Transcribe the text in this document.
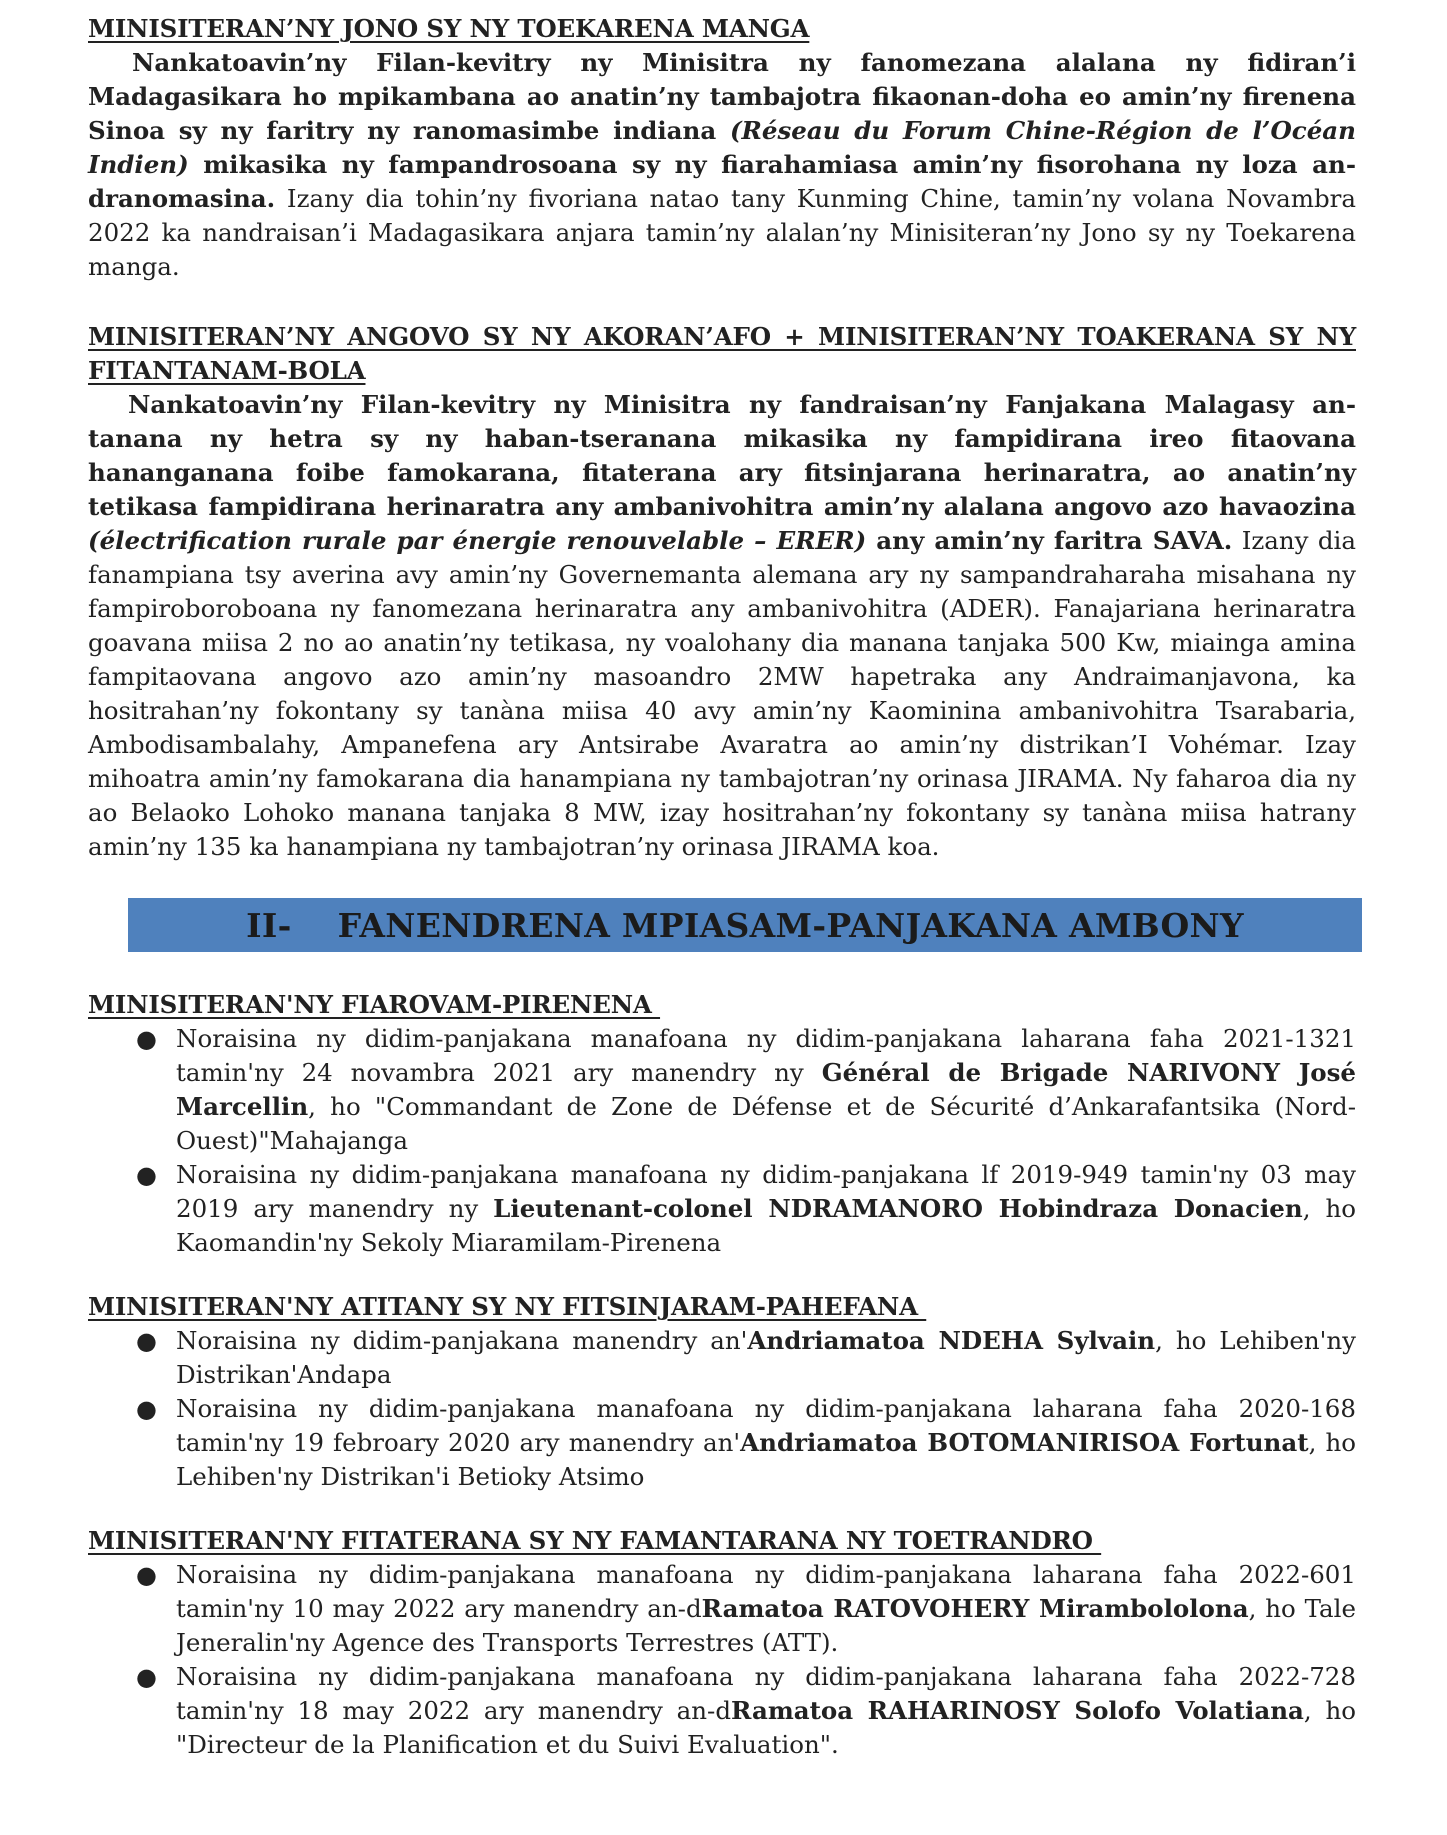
MINISITERAN’NY JONO SY NY TOEKARENA MANGA

Nankatoavin’ny Filan-kevitry ny Minisitra ny fanomezana alalana ny fidiran’i Madagasikara ho mpikambana ao anatin’ny tambajotra fikaonan-doha eo amin’ny firenena Sinoa sy ny faritry ny ranomasimbe indiana (Réseau du Forum Chine-Région de l’Océan Indien) mikasika ny fampandrosoana sy ny fiarahamiasa amin’ny fisorohana ny loza an-dranomasina. Izany dia tohin’ny fivoriana natao tany Kunming Chine, tamin’ny volana Novambra 2022 ka nandraisan’i Madagasikara anjara tamin’ny alalan’ny Minisiteran’ny Jono sy ny Toekarena manga.

MINISITERAN’NY ANGOVO SY NY AKORAN’AFO + MINISITERAN’NY TOAKERANA SY NY FITANTANAM-BOLA

Nankatoavin’ny Filan-kevitry ny Minisitra ny fandraisan’ny Fanjakana Malagasy an-tanana ny hetra sy ny haban-tseranana mikasika ny fampidirana ireo fitaovana hananganana foibe famokarana, fitaterana ary fitsinjarana herinaratra, ao anatin’ny tetikasa fampidirana herinaratra any ambanivohitra amin’ny alalana angovo azo havaozina (électrification rurale par énergie renouvelable – ERER) any amin’ny faritra SAVA. Izany dia fanampiana tsy averina avy amin’ny Governemanta alemana ary ny sampandraharaha misahana ny fampiroboroboana ny fanomezana herinaratra any ambanivohitra (ADER). Fanajariana herinaratra goavana miisa 2 no ao anatin’ny tetikasa, ny voalohany dia manana tanjaka 500 Kw, miainga amina fampitaovana angovo azo amin’ny masoandro 2MW hapetraka any Andraimanjavona, ka hositrahan’ny fokontany sy tanàna miisa 40 avy amin’ny Kaominina ambanivohitra Tsarabaria, Ambodisambalahy, Ampanefena ary Antsirabe Avaratra ao amin’ny distrikan’I Vohémar. Izay mihoatra amin’ny famokarana dia hanampiana ny tambajotran’ny orinasa JIRAMA. Ny faharoa dia ny ao Belaoko Lohoko manana tanjaka 8 MW, izay hositrahan’ny fokontany sy tanàna miisa hatrany amin’ny 135 ka hanampiana ny tambajotran’ny orinasa JIRAMA koa.

II- FANENDRENA MPIASAM-PANJAKANA AMBONY
MINISITERAN'NY FIAROVAM-PIRENENA
● Noraisina ny didim-panjakana manafoana ny didim-panjakana laharana faha 2021-1321 tamin'ny 24 novambra 2021 ary manendry ny Général de Brigade NARIVONY José Marcellin, ho "Commandant de Zone de Défense et de Sécurité d’Ankarafantsika (Nord-Ouest)"Mahajanga
● Noraisina ny didim-panjakana manafoana ny didim-panjakana lf 2019-949 tamin'ny 03 may 2019 ary manendry ny Lieutenant-colonel NDRAMANORO Hobindraza Donacien, ho Kaomandin'ny Sekoly Miaramilam-Pirenena
MINISITERAN'NY ATITANY SY NY FITSINJARAM-PAHEFANA
● Noraisina ny didim-panjakana manendry an'Andriamatoa NDEHA Sylvain, ho Lehiben'ny Distrikan'Andapa
● Noraisina ny didim-panjakana manafoana ny didim-panjakana laharana faha 2020-168 tamin'ny 19 febroary 2020 ary manendry an'Andriamatoa BOTOMANIRISOA Fortunat, ho Lehiben'ny Distrikan'i Betioky Atsimo
MINISITERAN'NY FITATERANA SY NY FAMANTARANA NY TOETRANDRO
● Noraisina ny didim-panjakana manafoana ny didim-panjakana laharana faha 2022-601 tamin'ny 10 may 2022 ary manendry an-dRamatoa RATOVOHERY Mirambololona, ho Tale Jeneralin'ny Agence des Transports Terrestres (ATT).
● Noraisina ny didim-panjakana manafoana ny didim-panjakana laharana faha 2022-728 tamin'ny 18 may 2022 ary manendry an-dRamatoa RAHARINOSY Solofo Volatiana, ho "Directeur de la Planification et du Suivi Evaluation".
